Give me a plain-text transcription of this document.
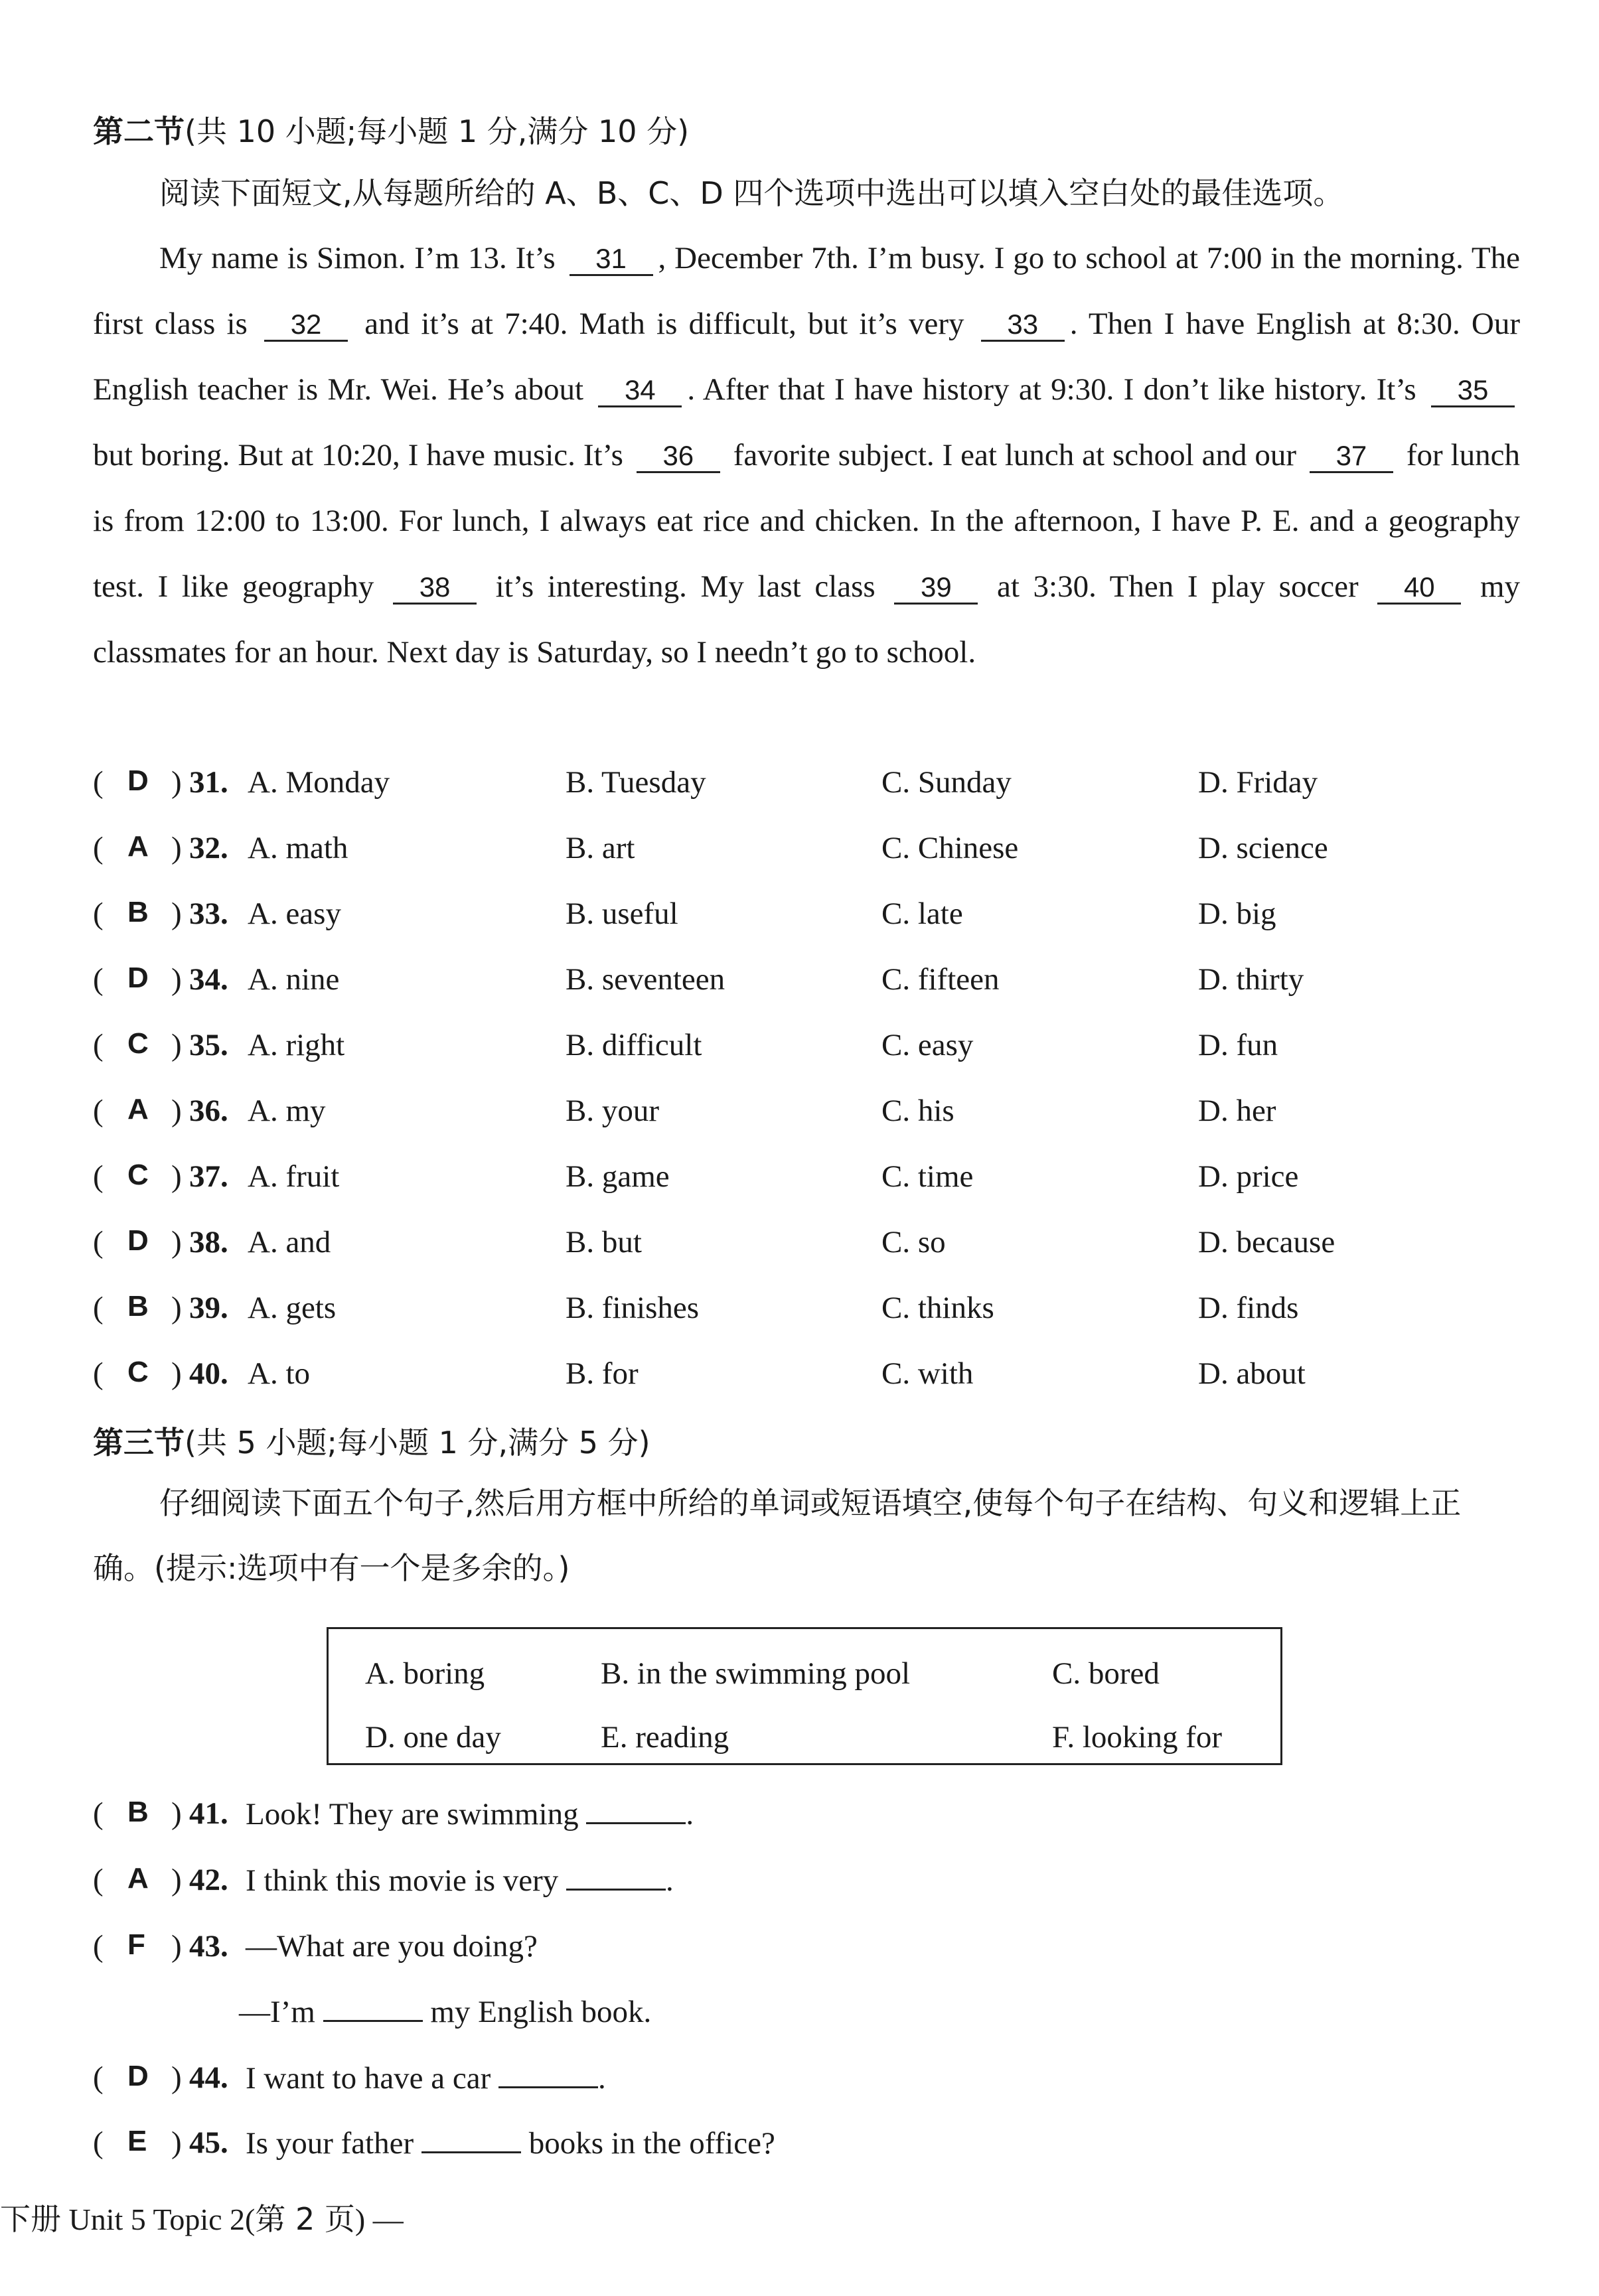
第二节(共 10 小题;每小题 1 分,满分 10 分)
阅读下面短文,从每题所给的 A、B、C、D 四个选项中选出可以填入空白处的最佳选项。
My name is Simon. I’m 13. It’s 31 , December 7th. I’m busy. I go to school at 7:00 in the morning. The first class is 32 and it’s at 7:40. Math is difficult, but it’s very 33 . Then I have English at 8:30. Our English teacher is Mr. Wei. He’s about 34 . After that I have history at 9:30. I don’t like history. It’s 35 but boring. But at 10:20, I have music. It’s 36 favorite subject. I eat lunch at school and our 37 for lunch is from 12:00 to 13:00. For lunch, I always eat rice and chicken. In the afternoon, I have P. E. and a geography test. I like geography 38 it’s interesting. My last class 39 at 3:30. Then I play soccer 40 my classmates for an hour. Next day is Saturday, so I needn’t go to school.
( D ) 31. A. Monday	B. Tuesday	C. Sunday	D. Friday
( A ) 32. A. math	B. art	C. Chinese	D. science
( B ) 33. A. easy	B. useful	C. late	D. big
( D ) 34. A. nine	B. seventeen	C. fifteen	D. thirty
( C ) 35. A. right	B. difficult	C. easy	D. fun
( A ) 36. A. my	B. your	C. his	D. her
( C ) 37. A. fruit	B. game	C. time	D. price
( D ) 38. A. and	B. but	C. so	D. because
( B ) 39. A. gets	B. finishes	C. thinks	D. finds
( C ) 40. A. to	B. for	C. with	D. about
第三节(共 5 小题;每小题 1 分,满分 5 分)
仔细阅读下面五个句子,然后用方框中所给的单词或短语填空,使每个句子在结构、句义和逻辑上正确。(提示:选项中有一个是多余的。)
A. boring	B. in the swimming pool	C. bored
D. one day	E. reading	F. looking for
( B ) 41. Look! They are swimming	.
( A ) 42. I think this movie is very	.
( F ) 43. —What are you doing?
—I’m	my English book.
( D ) 44. I want to have a car	.
( E ) 45. Is your father	books in the office?
下册 Unit 5 Topic 2(第 2 页) —
